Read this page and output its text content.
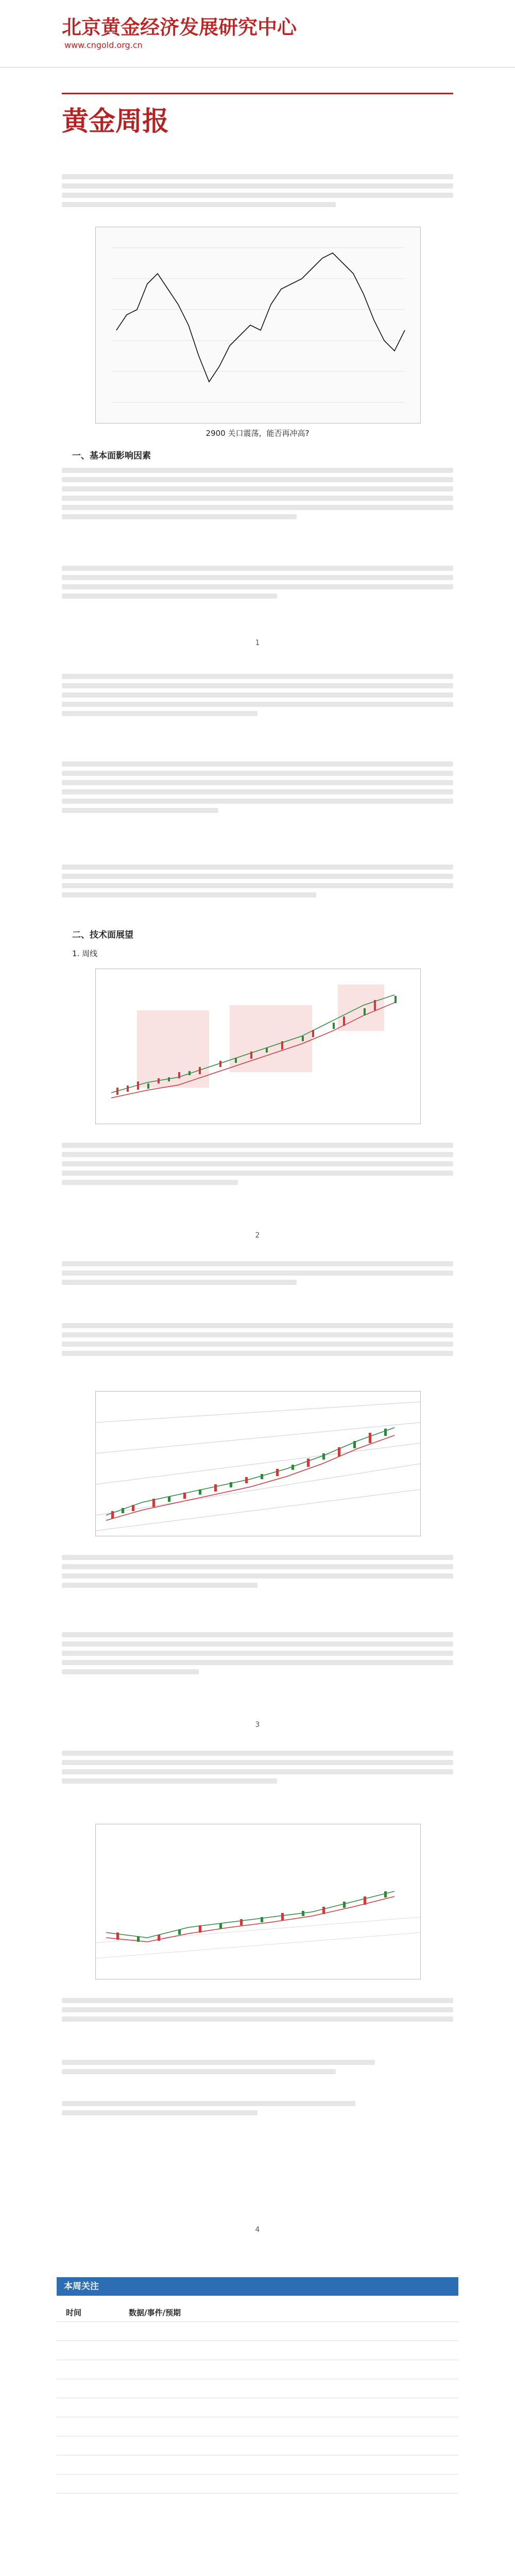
北京黄金经济发展研究中心
www.cngold.org.cn
黄金周报
2900 关口震荡，能否再冲高?
一、基本面影响因素
1
二、技术面展望
1. 周线
2
3
4
本周关注
时间	数据/事件/预期
